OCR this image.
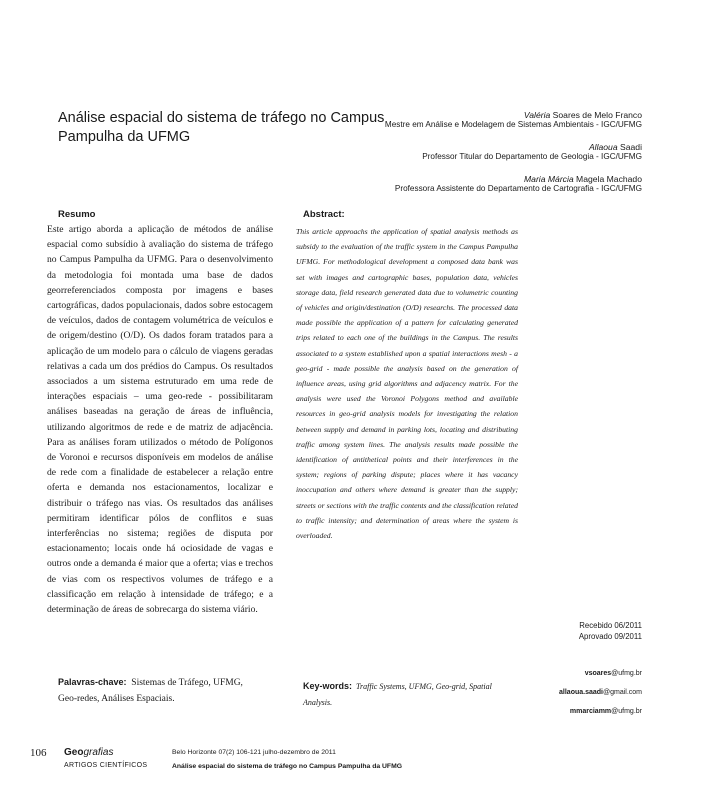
Análise espacial do sistema de tráfego no Campus Pampulha da UFMG
Valéria Soares de Melo Franco
Mestre em Análise e Modelagem de Sistemas Ambientais - IGC/UFMG
Allaoua Saadi
Professor Titular do Departamento de Geologia - IGC/UFMG
Maria Márcia Magela Machado
Professora Assistente do Departamento de Cartografia - IGC/UFMG
Resumo

Este artigo aborda a aplicação de métodos de análise espacial como subsídio à avaliação do sistema de tráfego no Campus Pampulha da UFMG. Para o desenvolvimento da metodologia foi montada uma base de dados georreferenciados composta por imagens e bases cartográficas, dados populacionais, dados sobre estocagem de veículos, dados de contagem volumétrica de veículos e de origem/destino (O/D). Os dados foram tratados para a aplicação de um modelo para o cálculo de viagens geradas relativas a cada um dos prédios do Campus. Os resultados associados a um sistema estruturado em uma rede de interações espaciais – uma geo-rede - possibilitaram análises baseadas na geração de áreas de influência, utilizando algoritmos de rede e de matriz de adjacência. Para as análises foram utilizados o método de Polígonos de Voronoi e recursos disponíveis em modelos de análise de rede com a finalidade de estabelecer a relação entre oferta e demanda nos estacionamentos, localizar e distribuir o tráfego nas vias. Os resultados das análises permitiram identificar pólos de conflitos e suas interferências no sistema; regiões de disputa por estacionamento; locais onde há ociosidade de vagas e outros onde a demanda é maior que a oferta; vias e trechos de vias com os respectivos volumes de tráfego e a classificação em relação à intensidade de tráfego; e a determinação de áreas de sobrecarga do sistema viário.

Abstract:

This article approachs the application of spatial analysis methods as subsidy to the evaluation of the traffic system in the Campus Pampulha UFMG. For methodological development a composed data bank was set with images and cartographic bases, population data, vehicles storage data, field research generated data due to volumetric counting of vehicles and origin/destination (O/D) researchs. The processed data made possible the application of a pattern for calculating generated trips related to each one of the buildings in the Campus. The results associated to a system established upon a spatial interactions mesh - a geo-grid - made possible the analysis based on the generation of influence areas, using grid algorithms and adjacency matrix. For the analysis were used the Voronoi Polygons method and available resources in geo-grid analysis models for investigating the relation between supply and demand in parking lots, locating and distributing traffic among system lines. The analysis results made possible the identification of antithetical points and their interferences in the system; regions of parking dispute; places where it has vacancy inoccupation and others where demand is greater than the supply; streets or sections with the traffic contents and the classification related to traffic intensity; and determination of areas where the system is overloaded.

Recebido 06/2011
Aprovado 09/2011

Palavras-chave: Sistemas de Tráfego, UFMG, Geo-redes, Análises Espaciais.

Key-words: Traffic Systems, UFMG, Geo-grid, Spatial Analysis.

vsoares@ufmg.br
allaoua.saadi@gmail.com
mmarciamm@ufmg.br
106 Geografias
ARTIGOS CIENTÍFICOS
Belo Horizonte 07(2) 106-121 julho-dezembro de 2011
Análise espacial do sistema de tráfego no Campus Pampulha da UFMG
